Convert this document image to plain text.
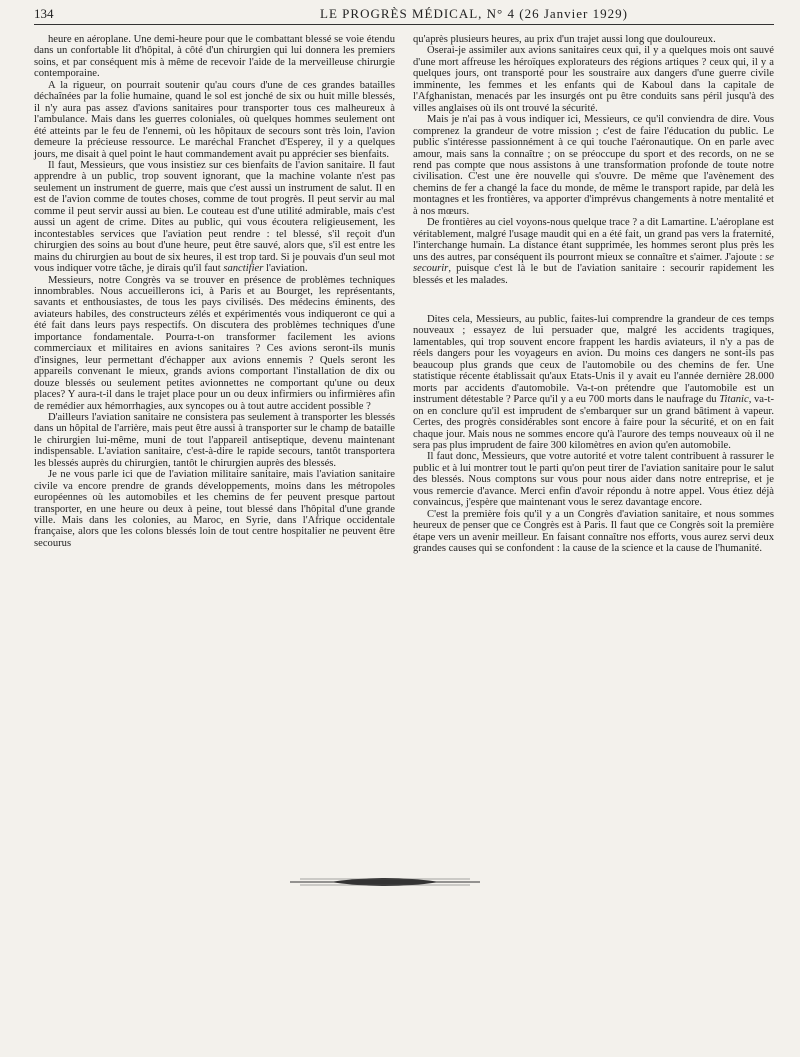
134	LE PROGRÈS MÉDICAL, N° 4 (26 Janvier 1929)

heure en aéroplane. Une demi-heure pour que le combattant blessé se voie étendu dans un confortable lit d'hôpital, à côté d'un chirurgien qui lui donnera les premiers soins, et par conséquent mis à même de recevoir l'aide de la merveilleuse chirurgie contemporaine.

A la rigueur, on pourrait soutenir qu'au cours d'une de ces grandes batailles déchaînées par la folie humaine, quand le sol est jonché de six ou huit mille blessés, il n'y aura pas assez d'avions sanitaires pour transporter tous ces malheureux à l'ambulance. Mais dans les guerres coloniales, où quelques hommes seulement ont été atteints par le feu de l'ennemi, où les hôpitaux de secours sont très loin, l'avion demeure la précieuse ressource. Le maréchal Franchet d'Esperey, il y a quelques jours, me disait à quel point le haut commandement avait pu apprécier ses bienfaits.

Il faut, Messieurs, que vous insistiez sur ces bienfaits de l'avion sanitaire. Il faut apprendre à un public, trop souvent ignorant, que la machine volante n'est pas seulement un instrument de guerre, mais que c'est aussi un instrument de salut. Il en est de l'avion comme de toutes choses, comme de tout progrès. Il peut servir au mal comme il peut servir aussi au bien. Le couteau est d'une utilité admirable, mais c'est aussi un agent de crime. Dites au public, qui vous écoutera religieusement, les incontestables services que l'aviation peut rendre : tel blessé, s'il reçoit d'un chirurgien des soins au bout d'une heure, peut être sauvé, alors que, s'il est entre les mains du chirurgien au bout de six heures, il est trop tard. Si je pouvais d'un seul mot vous indiquer votre tâche, je dirais qu'il faut sanctifier l'aviation.

Messieurs, notre Congrès va se trouver en présence de problèmes techniques innombrables. Nous accueillerons ici, à Paris et au Bourget, les représentants, savants et enthousiastes, de tous les pays civilisés. Des médecins éminents, des aviateurs habiles, des constructeurs zélés et expérimentés vous indiqueront ce qui a été fait dans leurs pays respectifs. On discutera des problèmes techniques d'une importance fondamentale. Pourra-t-on transformer facilement les avions commerciaux et militaires en avions sanitaires ? Ces avions seront-ils munis d'insignes, leur permettant d'échapper aux avions ennemis ? Quels seront les appareils convenant le mieux, grands avions comportant l'installation de dix ou douze blessés ou seulement petites avionnettes ne comportant qu'une ou deux places? Y aura-t-il dans le trajet place pour un ou deux infirmiers ou infirmières afin de remédier aux hémorrhagies, aux syncopes ou à tout autre accident possible ?

D'ailleurs l'aviation sanitaire ne consistera pas seulement à transporter les blessés dans un hôpital de l'arrière, mais peut être aussi à transporter sur le champ de bataille le chirurgien lui-même, muni de tout l'appareil antiseptique, devenu maintenant indispensable. L'aviation sanitaire, c'est-à-dire le rapide secours, tantôt transportera les blessés auprès du chirurgien, tantôt le chirurgien auprès des blessés.

Je ne vous parle ici que de l'aviation militaire sanitaire, mais l'aviation sanitaire civile va encore prendre de grands développements, moins dans les métropoles européennes où les automobiles et les chemins de fer peuvent presque partout transporter, en une heure ou deux à peine, tout blessé dans l'hôpital d'une grande ville. Mais dans les colonies, au Maroc, en Syrie, dans l'Afrique occidentale française, alors que les colons blessés loin de tout centre hospitalier ne peuvent être secourus

qu'après plusieurs heures, au prix d'un trajet aussi long que douloureux.

Oserai-je assimiler aux avions sanitaires ceux qui, il y a quelques mois ont sauvé d'une mort affreuse les héroïques explorateurs des régions artiques ? ceux qui, il y a quelques jours, ont transporté pour les soustraire aux dangers d'une guerre civile imminente, les femmes et les enfants qui de Kaboul dans la capitale de l'Afghanistan, menacés par les insurgés ont pu être conduits sans péril jusqu'à des villes anglaises où ils ont trouvé la sécurité.

Mais je n'ai pas à vous indiquer ici, Messieurs, ce qu'il conviendra de dire. Vous comprenez la grandeur de votre mission ; c'est de faire l'éducation du public. Le public s'intéresse passionnément à ce qui touche l'aéronautique. On en parle avec amour, mais sans la connaître ; on se préoccupe du sport et des records, on ne se rend pas compte que nous assistons à une transformation profonde de toute notre civilisation. C'est une ère nouvelle qui s'ouvre. De même que l'avènement des chemins de fer a changé la face du monde, de même le transport rapide, par delà les montagnes et les frontières, va apporter d'imprévus changements à notre mentalité et à nos mœurs.

De frontières au ciel voyons-nous quelque trace ? a dit Lamartine. L'aéroplane est véritablement, malgré l'usage maudit qui en a été fait, un grand pas vers la fraternité, l'interchange humain. La distance étant supprimée, les hommes seront plus près les uns des autres, par conséquent ils pourront mieux se connaître et s'aimer. J'ajoute : se secourir, puisque c'est là le but de l'aviation sanitaire : secourir rapidement les blessés et les malades.

Dites cela, Messieurs, au public, faites-lui comprendre la grandeur de ces temps nouveaux ; essayez de lui persuader que, malgré les accidents tragiques, lamentables, qui trop souvent encore frappent les hardis aviateurs, il n'y a pas de réels dangers pour les voyageurs en avion. Du moins ces dangers ne sont-ils pas beaucoup plus grands que ceux de l'automobile ou des chemins de fer. Une statistique récente établissait qu'aux Etats-Unis il y avait eu l'année dernière 28.000 morts par accidents d'automobile. Va-t-on prétendre que l'automobile est un instrument détestable ? Parce qu'il y a eu 700 morts dans le naufrage du Titanic, va-t-on en conclure qu'il est imprudent de s'embarquer sur un grand bâtiment à vapeur. Certes, des progrès considérables sont encore à faire pour la sécurité, et on en fait chaque jour. Mais nous ne sommes encore qu'à l'aurore des temps nouveaux où il ne sera pas plus imprudent de faire 300 kilomètres en avion qu'en automobile.

Il faut donc, Messieurs, que votre autorité et votre talent contribuent à rassurer le public et à lui montrer tout le parti qu'on peut tirer de l'aviation sanitaire pour le salut des blessés. Nous comptons sur vous pour nous aider dans notre entreprise, et je vous remercie d'avance. Merci enfin d'avoir répondu à notre appel. Vous étiez déjà convaincus, j'espère que maintenant vous le serez davantage encore.

C'est la première fois qu'il y a un Congrès d'aviation sanitaire, et nous sommes heureux de penser que ce Congrès est à Paris. Il faut que ce Congrès soit la première étape vers un avenir meilleur. En faisant connaître nos efforts, vous aurez servi deux grandes causes qui se confondent : la cause de la science et la cause de l'humanité.
